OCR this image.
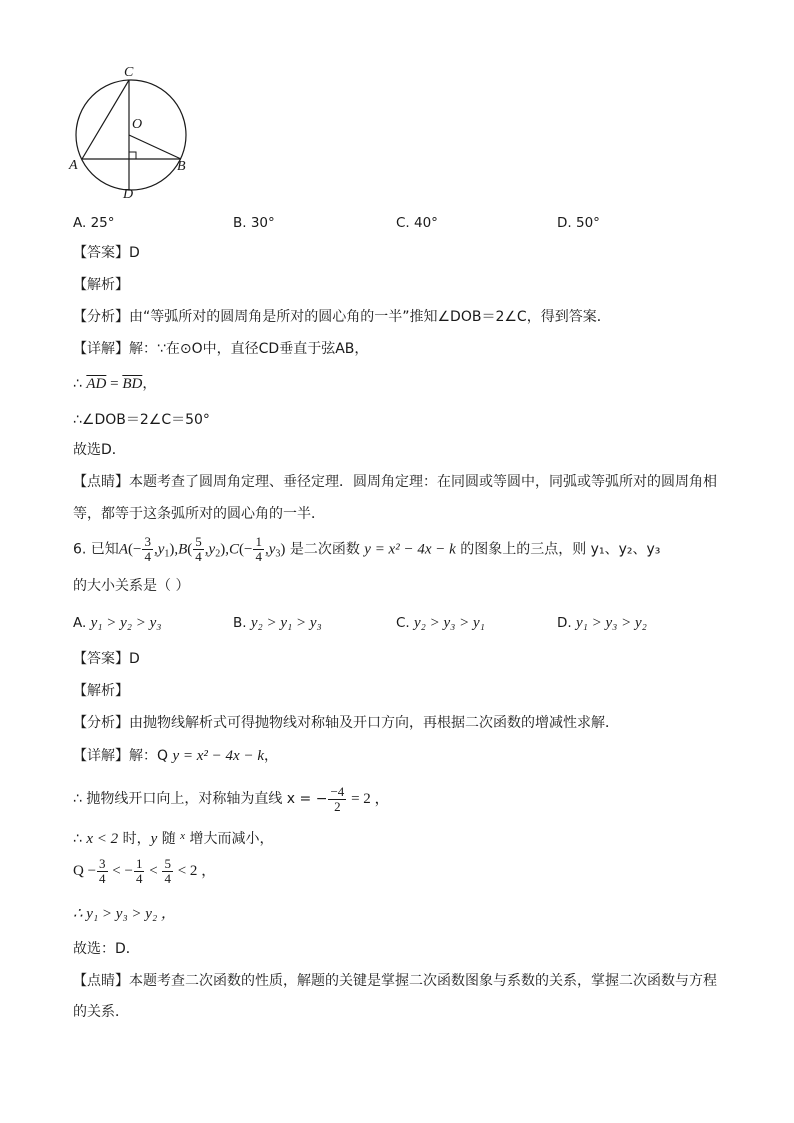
C
O
A	B
D
A. 25°	B. 30°	C. 40°	D. 50°
【答案】D
【解析】
【分析】由“等弧所对的圆周角是所对的圆心角的一半”推知∠DOB＝2∠C，得到答案．
【详解】解：∵在⊙O中，直径CD垂直于弦AB，
∴ $\overline{AD} = \overline{BD}$，
∴∠DOB＝2∠C＝50°
故选D．
【点睛】本题考查了圆周角定理、垂径定理．圆周角定理：在同圆或等圆中，同弧或等弧所对的圆周角相
等，都等于这条弧所对的圆心角的一半．
6. 已知$A(- \frac{3}{4} ,y_1),B( \frac{5}{4} ,y_2),C(- \frac{1}{4} ,y_3)$ 是二次函数 y = x² − 4x − k 的图象上的三点，则 y₁、y₂、y₃
的大小关系是（ ）
A. y₁ > y₂ > y₃	B. y₂ > y₁ > y₃	C. y₂ > y₃ > y₁	D. y₁ > y₃ > y₂
【答案】D
【解析】
【分析】由抛物线解析式可得抛物线对称轴及开口方向，再根据二次函数的增减性求解．
【详解】解：Q y = x² − 4x − k，
∴ 抛物线开口向上，对称轴为直线 x = − $\frac{-4}{2} = 2$ ，
∴ x < 2 时，y 随 $^x$ 增大而减小，
$Q - \frac{3}{4}$ < − $\frac{1}{4} < \frac{5}{4} < 2$ ，
∴ y₁ > y₃ > y₂ ，
故选：D．
【点睛】本题考查二次函数的性质，解题的关键是掌握二次函数图象与系数的关系，掌握二次函数与方程
的关系．
